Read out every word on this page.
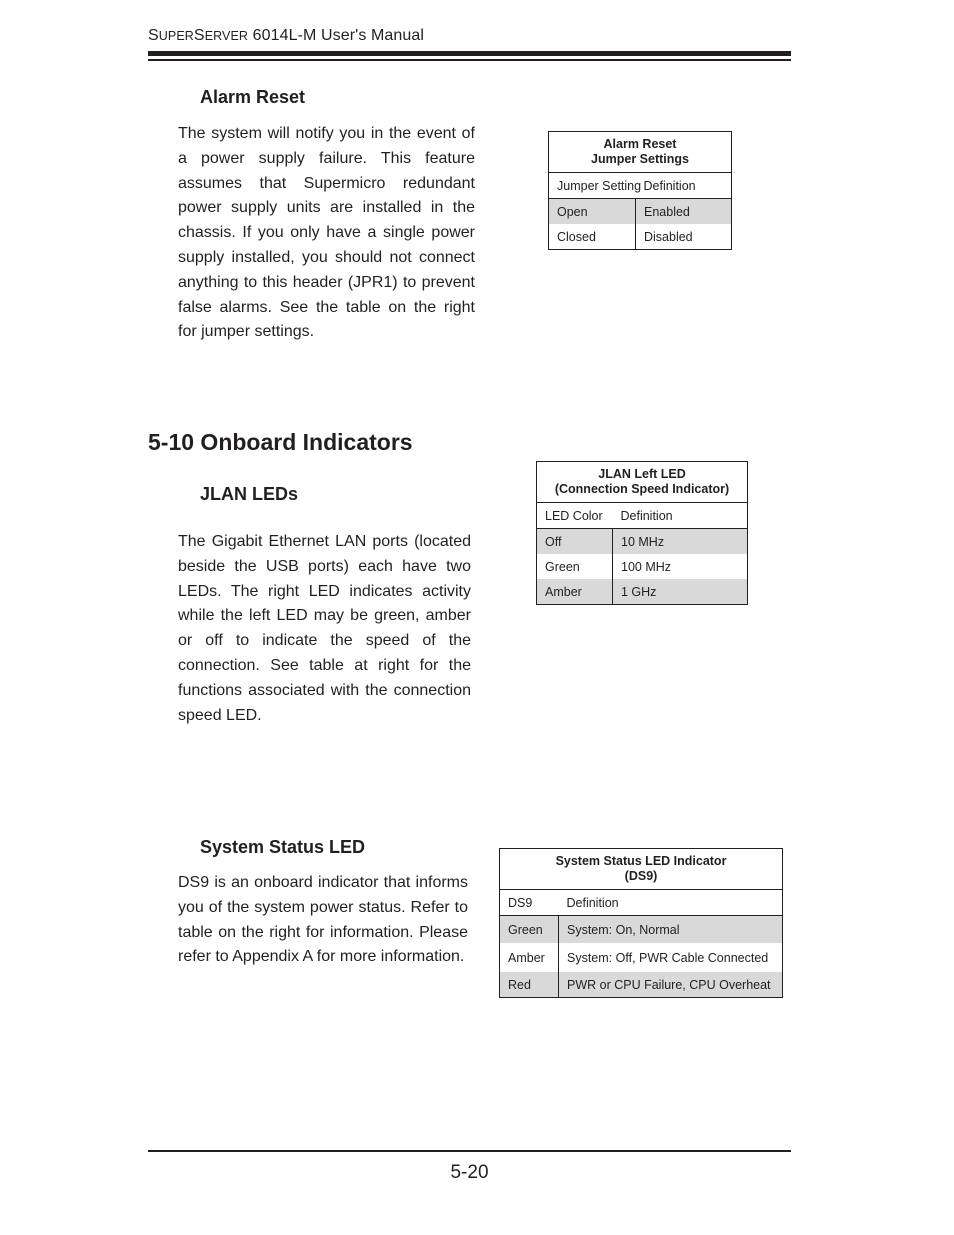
SUPERSERVER 6014L-M User's Manual
Alarm Reset

The system will notify you in the event of a power supply failure. This feature assumes that Supermicro redundant power supply units are installed in the chassis. If you only have a single power supply installed, you should not connect anything to this header (JPR1) to prevent false alarms. See the table on the right for jumper settings.

Alarm Reset
Jumper Settings	
Jumper Setting	Definition
Open	Enabled
Closed	Disabled
5-10 Onboard Indicators
JLAN LEDs

The Gigabit Ethernet LAN ports (located beside the USB ports) each have two LEDs. The right LED indicates activity while the left LED may be green, amber or off to indicate the speed of the connection. See table at right for the functions associated with the connection speed LED.

JLAN Left LED
(Connection Speed Indicator)	
LED Color	Definition
Off	10 MHz
Green	100 MHz
Amber	1 GHz
System Status LED

DS9 is an onboard indicator that informs you of the system power status. Refer to table on the right for information. Please refer to Appendix A for more information.

System Status LED Indicator
(DS9)	
DS9	Definition
Green	System: On, Normal
Amber	System: Off, PWR Cable Connected
Red	PWR or CPU Failure, CPU Overheat
5-20
